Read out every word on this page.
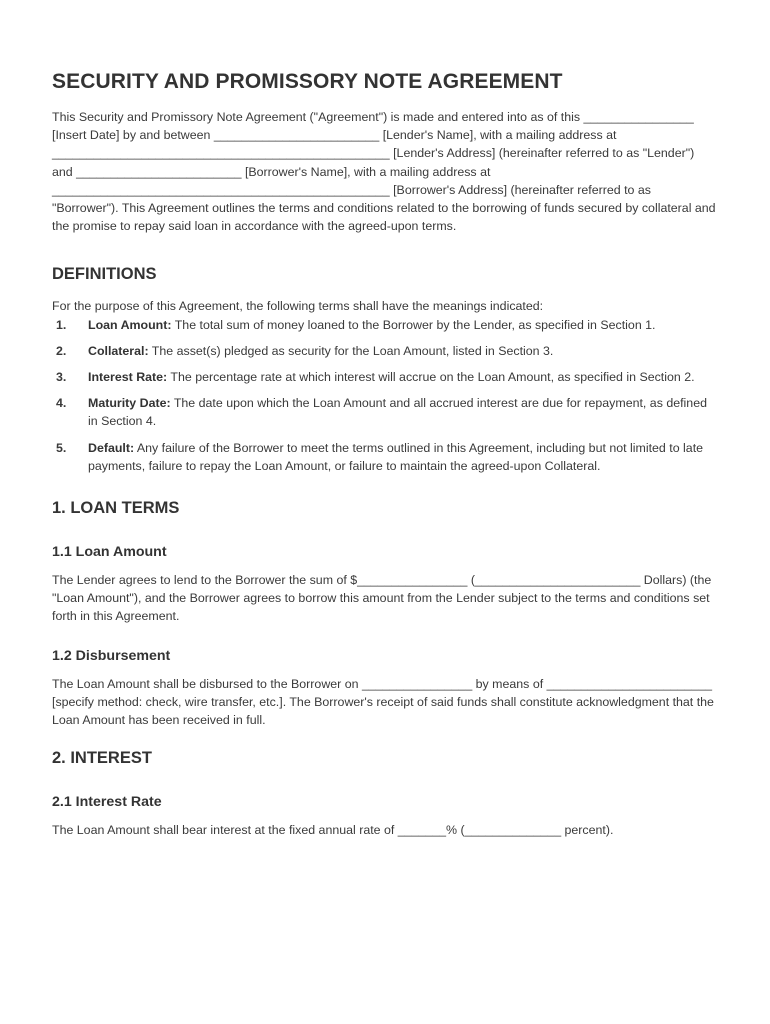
SECURITY AND PROMISSORY NOTE AGREEMENT

This Security and Promissory Note Agreement ("Agreement") is made and entered into as of this ________________ [Insert Date] by and between ________________________ [Lender's Name], with a mailing address at _________________________________________________ [Lender's Address] (hereinafter referred to as "Lender") and ________________________ [Borrower's Name], with a mailing address at _________________________________________________ [Borrower's Address] (hereinafter referred to as "Borrower"). This Agreement outlines the terms and conditions related to the borrowing of funds secured by collateral and the promise to repay said loan in accordance with the agreed-upon terms.

DEFINITIONS

For the purpose of this Agreement, the following terms shall have the meanings indicated:

1. Loan Amount: The total sum of money loaned to the Borrower by the Lender, as specified in Section 1.
2. Collateral: The asset(s) pledged as security for the Loan Amount, listed in Section 3.
3. Interest Rate: The percentage rate at which interest will accrue on the Loan Amount, as specified in Section 2.
4. Maturity Date: The date upon which the Loan Amount and all accrued interest are due for repayment, as defined in Section 4.
5. Default: Any failure of the Borrower to meet the terms outlined in this Agreement, including but not limited to late payments, failure to repay the Loan Amount, or failure to maintain the agreed-upon Collateral.
1. LOAN TERMS
1.1 Loan Amount

The Lender agrees to lend to the Borrower the sum of $________________ (________________________ Dollars) (the "Loan Amount"), and the Borrower agrees to borrow this amount from the Lender subject to the terms and conditions set forth in this Agreement.

1.2 Disbursement

The Loan Amount shall be disbursed to the Borrower on ________________ by means of ________________________ [specify method: check, wire transfer, etc.]. The Borrower's receipt of said funds shall constitute acknowledgment that the Loan Amount has been received in full.

2. INTEREST
2.1 Interest Rate

The Loan Amount shall bear interest at the fixed annual rate of _______% (______________ percent).
